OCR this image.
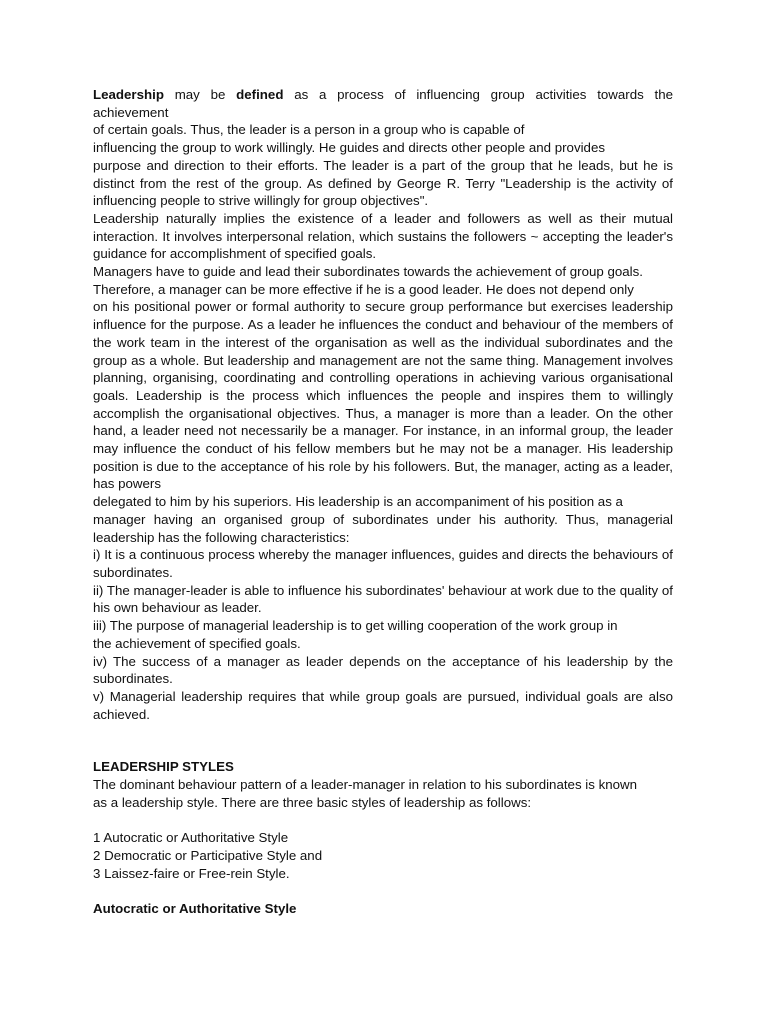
Leadership may be defined as a process of influencing group activities towards the

achievement

of certain goals. Thus, the leader is a person in a group who is capable of

influencing the group to work willingly. He guides and directs other people and provides

purpose and direction to their efforts. The leader is a part of the group that he leads, but he is distinct from the rest of the group. As defined by George R. Terry "Leadership is the activity of influencing people to strive willingly for group objectives".

Leadership naturally implies the existence of a leader and followers as well as their mutual interaction. It involves interpersonal relation, which sustains the followers ~ accepting the leader's guidance for accomplishment of specified goals.

Managers have to guide and lead their subordinates towards the achievement of group goals.

Therefore, a manager can be more effective if he is a good leader. He does not depend only

on his positional power or formal authority to secure group performance but exercises leadership influence for the purpose. As a leader he influences the conduct and behaviour of the members of the work team in the interest of the organisation as well as the individual subordinates and the group as a whole. But leadership and management are not the same thing. Management involves planning, organising, coordinating and controlling operations in achieving various organisational goals. Leadership is the process which influences the people and inspires them to willingly accomplish the organisational objectives. Thus, a manager is more than a leader. On the other hand, a leader need not necessarily be a manager. For instance, in an informal group, the leader may influence the conduct of his fellow members but he may not be a manager. His leadership position is due to the acceptance of his role by his followers. But, the manager, acting as a leader, has powers

delegated to him by his superiors. His leadership is an accompaniment of his position as a

manager having an organised group of subordinates under his authority. Thus, managerial leadership has the following characteristics:

i) It is a continuous process whereby the manager influences, guides and directs the behaviours of subordinates.

ii) The manager-leader is able to influence his subordinates' behaviour at work due to the quality of his own behaviour as leader.

iii) The purpose of managerial leadership is to get willing cooperation of the work group in

the achievement of specified goals.

iv) The success of a manager as leader depends on the acceptance of his leadership by the subordinates.

v) Managerial leadership requires that while group goals are pursued, individual goals are also achieved.

LEADERSHIP STYLES

The dominant behaviour pattern of a leader-manager in relation to his subordinates is known

as a leadership style. There are three basic styles of leadership as follows:

1 Autocratic or Authoritative Style

2 Democratic or Participative Style and

3 Laissez-faire or Free-rein Style.

Autocratic or Authoritative Style
